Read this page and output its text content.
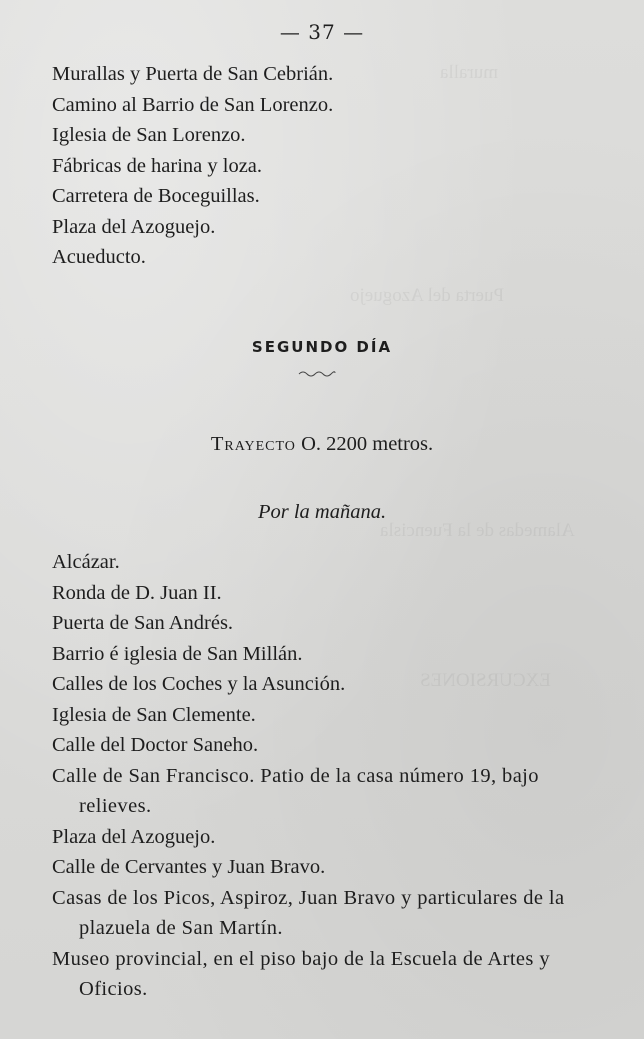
muralla
Puerta del Azoguejo
Alamedas de la Fuencisla
EXCURSIONES
— 37 —
Murallas y Puerta de San Cebrián.
Camino al Barrio de San Lorenzo.
Iglesia de San Lorenzo.
Fábricas de harina y loza.
Carretera de Boceguillas.
Plaza del Azoguejo.
Acueducto.
SEGUNDO DÍA
Trayecto O. 2200 metros.
Por la mañana.
Alcázar.
Ronda de D. Juan II.
Puerta de San Andrés.
Barrio é iglesia de San Millán.
Calles de los Coches y la Asunción.
Iglesia de San Clemente.
Calle del Doctor Saneho.
Calle de San Francisco. Patio de la casa número 19, bajo relieves.
Plaza del Azoguejo.
Calle de Cervantes y Juan Bravo.
Casas de los Picos, Aspiroz, Juan Bravo y particulares de la plazuela de San Martín.
Museo provincial, en el piso bajo de la Escuela de Artes y Oficios.
